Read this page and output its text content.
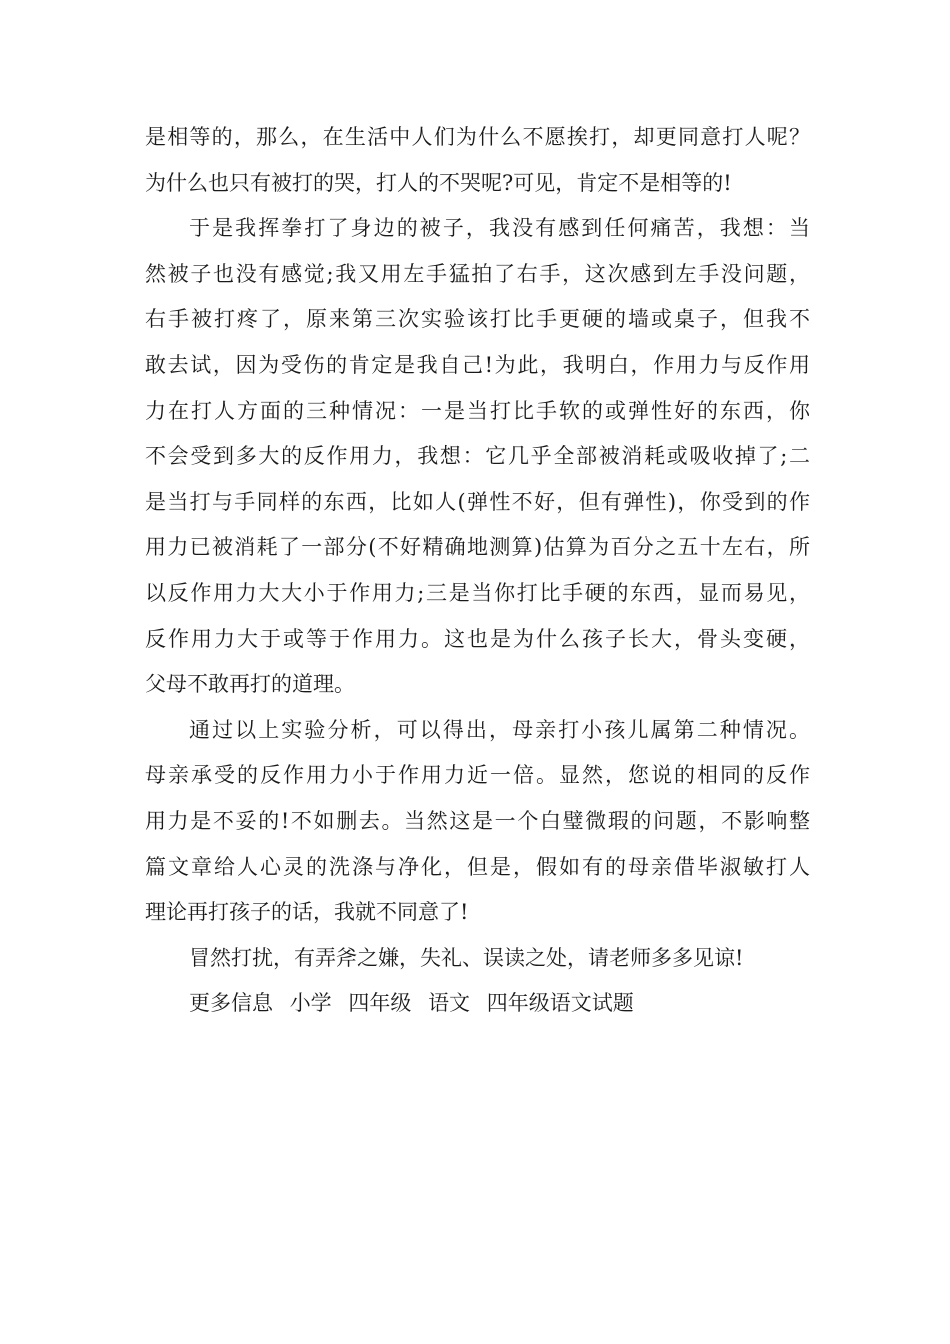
是相等的，那么，在生活中人们为什么不愿挨打，却更同意打人呢？
为什么也只有被打的哭，打人的不哭呢?可见，肯定不是相等的!
于是我挥拳打了身边的被子，我没有感到任何痛苦，我想：当
然被子也没有感觉;我又用左手猛拍了右手，这次感到左手没问题，
右手被打疼了，原来第三次实验该打比手更硬的墙或桌子，但我不
敢去试，因为受伤的肯定是我自己!为此，我明白，作用力与反作用
力在打人方面的三种情况：一是当打比手软的或弹性好的东西，你
不会受到多大的反作用力，我想：它几乎全部被消耗或吸收掉了;二
是当打与手同样的东西，比如人(弹性不好，但有弹性)，你受到的作
用力已被消耗了一部分(不好精确地测算)估算为百分之五十左右，所
以反作用力大大小于作用力;三是当你打比手硬的东西，显而易见，
反作用力大于或等于作用力。这也是为什么孩子长大，骨头变硬，
父母不敢再打的道理。
通过以上实验分析，可以得出，母亲打小孩儿属第二种情况。
母亲承受的反作用力小于作用力近一倍。显然，您说的相同的反作
用力是不妥的!不如删去。当然这是一个白璧微瑕的问题，不影响整
篇文章给人心灵的洗涤与净化，但是，假如有的母亲借毕淑敏打人
理论再打孩子的话，我就不同意了!
冒然打扰，有弄斧之嫌，失礼、误读之处，请老师多多见谅!
更多信息 小学 四年级 语文 四年级语文试题
